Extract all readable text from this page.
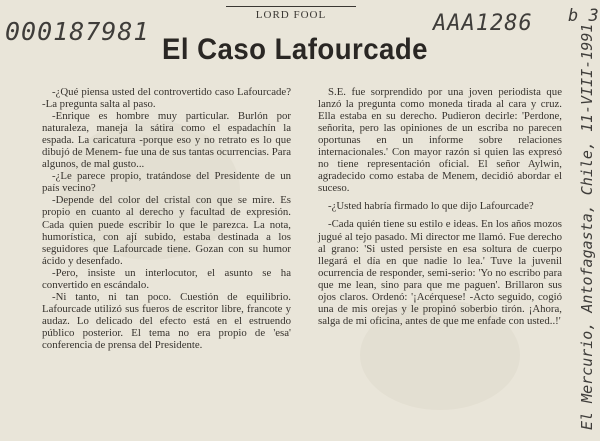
LORD FOOL
000187981	AAA1286 b 3
El Mercurio, Antofagasta, Chile, 11-VIII-1991
El Caso Lafourcade

-¿Qué piensa usted del controvertido caso Lafourcade? -La pregunta salta al paso.

-Enrique es hombre muy particular. Burlón por naturaleza, maneja la sátira como el espadachín la espada. La caricatura -porque eso y no retrato es lo que dibujó de Menem- fue una de sus tantas ocurrencias. Para algunos, de mal gusto...

-¿Le parece propio, tratándose del Presidente de un país vecino?

-Depende del color del cristal con que se mire. Es propio en cuanto al derecho y facultad de expresión. Cada quien puede escribir lo que le parezca. La nota, humorística, con ají subido, estaba destinada a los seguidores que Lafourcade tiene. Gozan con su humor ácido y desenfado.

-Pero, insiste un interlocutor, el asunto se ha convertido en escándalo.

-Ni tanto, ni tan poco. Cuestión de equilibrio. Lafourcade utilizó sus fueros de escritor libre, francote y audaz. Lo delicado del efecto está en el estruendo público posterior. El tema no era propio de 'esa' conferencia de prensa del Presidente.

S.E. fue sorprendido por una joven periodista que lanzó la pregunta como moneda tirada al cara y cruz. Ella estaba en su derecho. Pudieron decirle: 'Perdone, señorita, pero las opiniones de un escriba no parecen oportunas en un informe sobre relaciones internacionales.' Con mayor razón si quien las expresó no tiene representación oficial. El señor Aylwin, agradecido como estaba de Menem, decidió abordar el suceso.

-¿Usted habría firmado lo que dijo Lafourcade?

-Cada quién tiene su estilo e ideas. En los años mozos jugué al tejo pasado. Mi director me llamó. Fue derecho al grano: 'Si usted persiste en esa soltura de cuerpo llegará el día en que nadie lo lea.' Tuve la juvenil ocurrencia de responder, semi-serio: 'Yo no escribo para que me lean, sino para que me paguen'. Brillaron sus ojos claros. Ordenó: '¡Acérquese! -Acto seguido, cogió una de mis orejas y le propinó soberbio tirón. ¡Ahora, salga de mi oficina, antes de que me enfade con usted..!'
